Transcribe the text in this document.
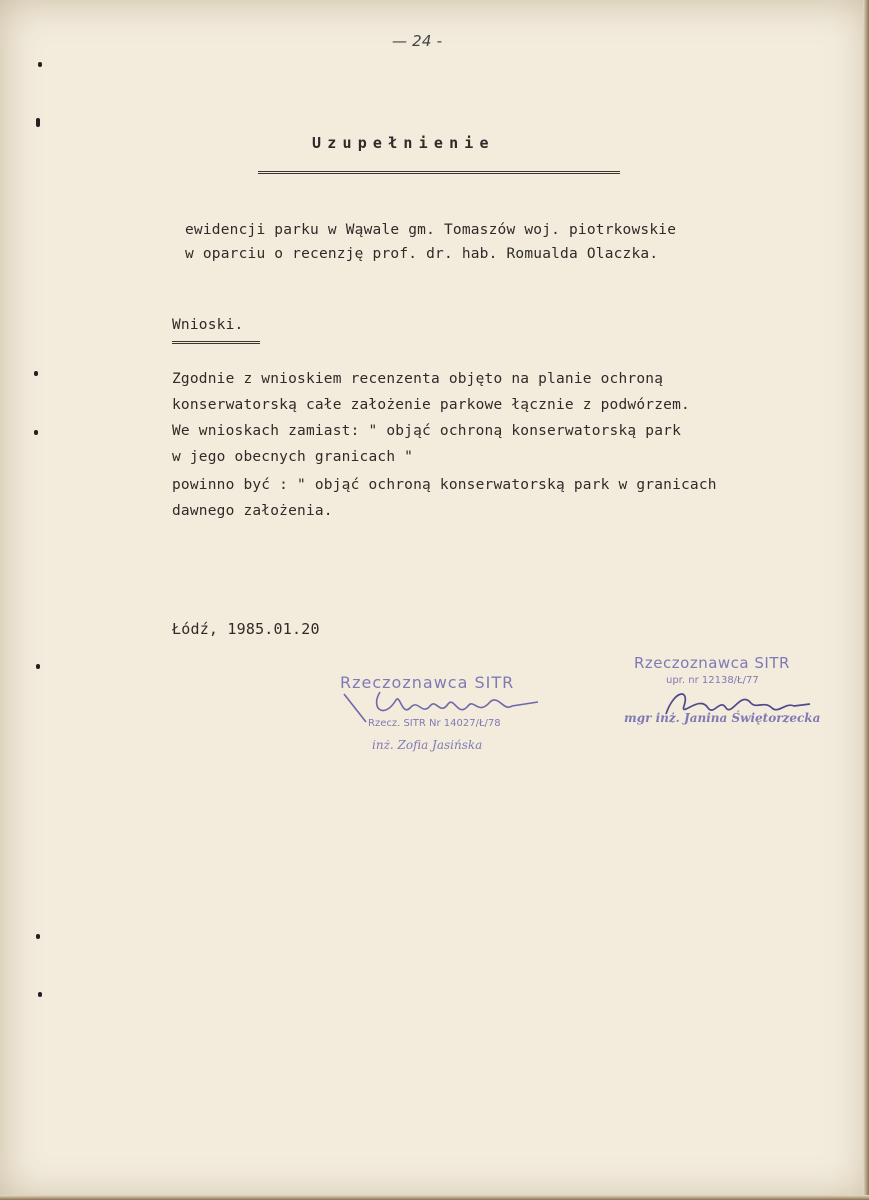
— 24 -
Uzupełnienie
ewidencji parku w Wąwale gm. Tomaszów woj. piotrkowskie
w oparciu o recenzję prof. dr. hab. Romualda Olaczka.
Wnioski.
Zgodnie z wnioskiem recenzenta objęto na planie ochroną
konserwatorską całe założenie parkowe łącznie z podwórzem.
We wnioskach zamiast: " objąć ochroną konserwatorską park
w jego obecnych granicach "
powinno być : " objąć ochroną konserwatorską park w granicach
dawnego założenia.
Łódź, 1985.01.20
Rzeczoznawca SITR
Rzecz. SITR Nr 14027/Ł/78
inż. Zofia Jasińska
Rzeczoznawca SITR
upr. nr 12138/Ł/77
mgr inż. Janina Świętorzecka
